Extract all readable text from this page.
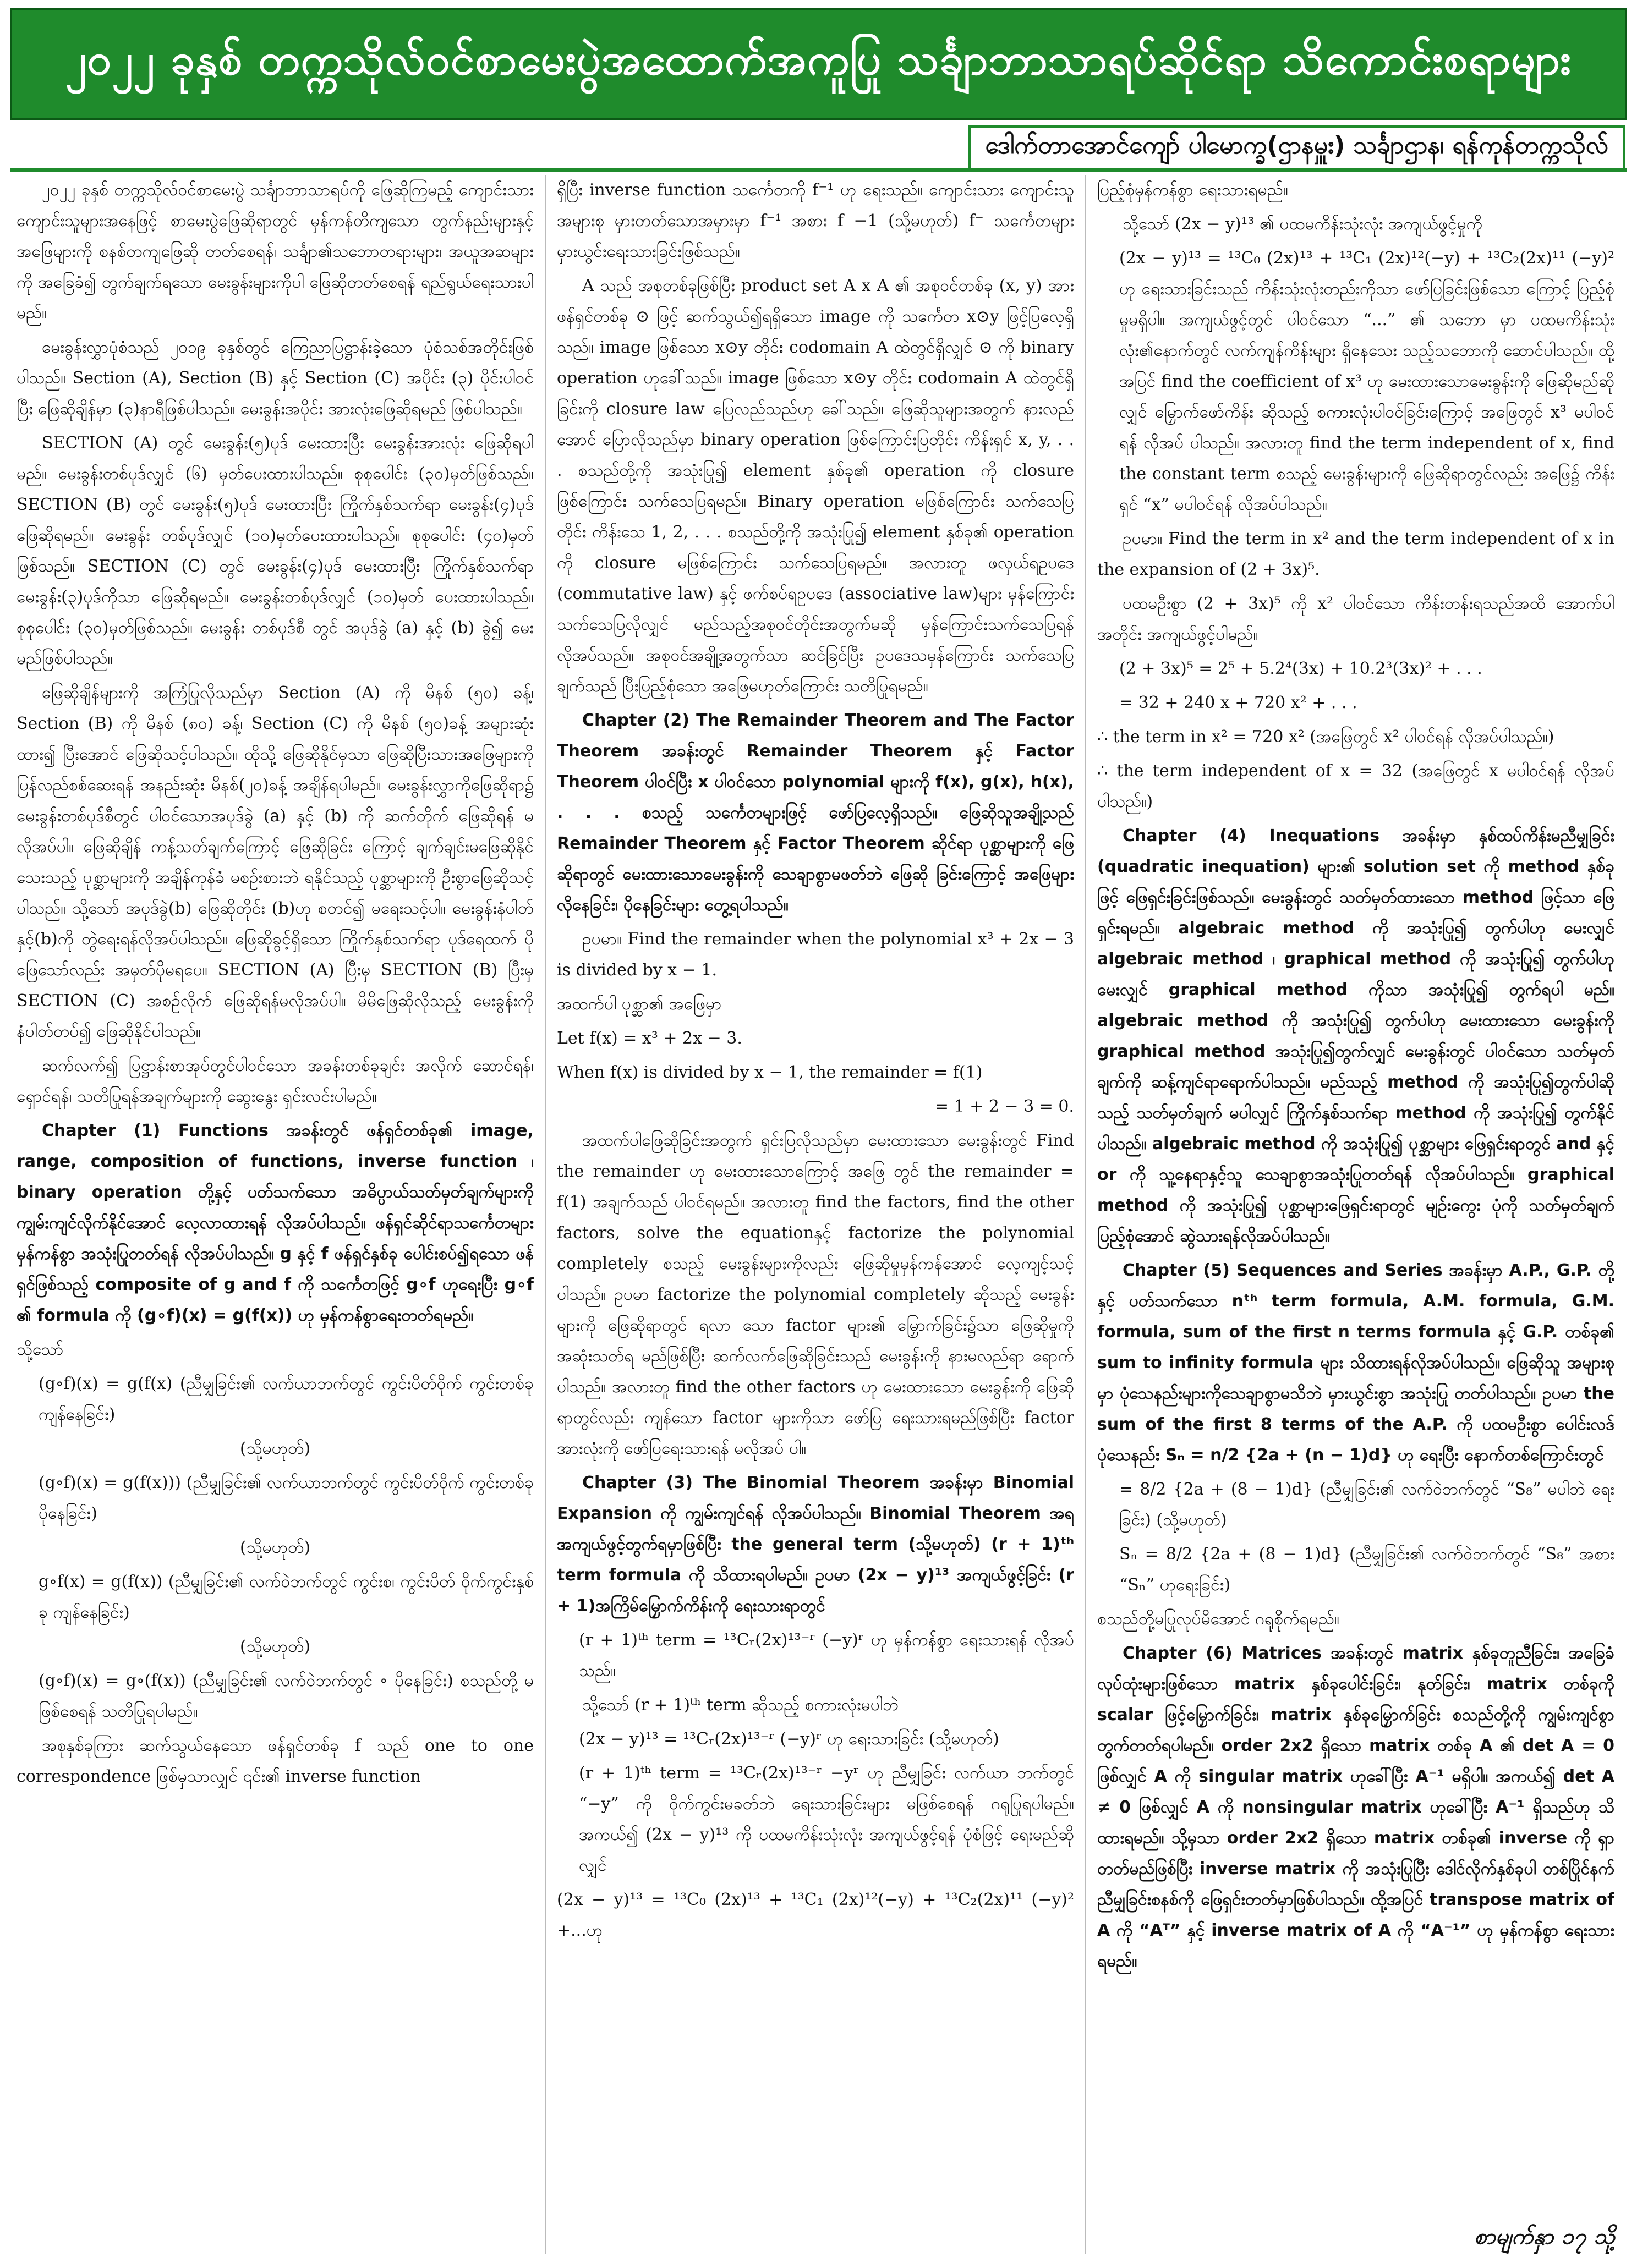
၂၀၂၂ ခုနှစ် တက္ကသိုလ်ဝင်စာမေးပွဲအထောက်အကူပြု သင်္ချာဘာသာရပ်ဆိုင်ရာ သိကောင်းစရာများ
ဒေါက်တာအောင်ကျော် ပါမောက္ခ(ဌာနမှူး) သင်္ချာဌာန၊ ရန်ကုန်တက္ကသိုလ်

၂၀၂၂ ခုနှစ် တက္ကသိုလ်ဝင်စာမေးပွဲ သင်္ချာဘာသာရပ်ကို ဖြေဆိုကြမည့် ကျောင်းသား ကျောင်းသူများအနေဖြင့် စာမေးပွဲဖြေဆိုရာတွင် မှန်ကန်တိကျသော တွက်နည်းများနှင့် အဖြေများကို စနစ်တကျဖြေဆို တတ်စေရန်၊ သင်္ချာ၏သဘောတရားများ၊ အယူအဆများကို အခြေခံ၍ တွက်ချက်ရသော မေးခွန်းများကိုပါ ဖြေဆိုတတ်စေရန် ရည်ရွယ်ရေးသားပါမည်။

မေးခွန်းလွှာပုံစံသည် ၂၀၁၉ ခုနှစ်တွင် ကြေညာပြဋ္ဌာန်းခဲ့သော ပုံစံသစ်အတိုင်းဖြစ်ပါသည်။ Section (A), Section (B) နှင့် Section (C) အပိုင်း (၃) ပိုင်းပါဝင်ပြီး ဖြေဆိုချိန်မှာ (၃)နာရီဖြစ်ပါသည်။ မေးခွန်းအပိုင်း အားလုံးဖြေဆိုရမည် ဖြစ်ပါသည်။

SECTION (A) တွင် မေးခွန်း(၅)ပုဒ် မေးထားပြီး မေးခွန်းအားလုံး ဖြေဆိုရပါမည်။ မေးခွန်းတစ်ပုဒ်လျှင် (၆) မှတ်ပေးထားပါသည်။ စုစုပေါင်း (၃၀)မှတ်ဖြစ်သည်။ SECTION (B) တွင် မေးခွန်း(၅)ပုဒ် မေးထားပြီး ကြိုက်နှစ်သက်ရာ မေးခွန်း(၄)ပုဒ်ဖြေဆိုရမည်။ မေးခွန်း တစ်ပုဒ်လျှင် (၁၀)မှတ်ပေးထားပါသည်။ စုစုပေါင်း (၄၀)မှတ်ဖြစ်သည်။ SECTION (C) တွင် မေးခွန်း(၄)ပုဒ် မေးထားပြီး ကြိုက်နှစ်သက်ရာ မေးခွန်း(၃)ပုဒ်ကိုသာ ဖြေဆိုရမည်။ မေးခွန်းတစ်ပုဒ်လျှင် (၁၀)မှတ် ပေးထားပါသည်။ စုစုပေါင်း (၃၀)မှတ်ဖြစ်သည်။ မေးခွန်း တစ်ပုဒ်စီ တွင် အပုဒ်ခွဲ (a) နှင့် (b) ခွဲ၍ မေးမည်ဖြစ်ပါသည်။

ဖြေဆိုချိန်များကို အကြံပြုလိုသည်မှာ Section (A) ကို မိနစ် (၅၀) ခန့်၊ Section (B) ကို မိနစ် (၈၀) ခန့်၊ Section (C) ကို မိနစ် (၅၀)ခန့် အများဆုံးထား၍ ပြီးအောင် ဖြေဆိုသင့်ပါသည်။ ထိုသို့ ဖြေဆိုနိုင်မှသာ ဖြေဆိုပြီးသားအဖြေများကို ပြန်လည်စစ်ဆေးရန် အနည်းဆုံး မိနစ်(၂၀)ခန့် အချိန်ရပါမည်။ မေးခွန်းလွှာကိုဖြေဆိုရာ၌ မေးခွန်းတစ်ပုဒ်စီတွင် ပါဝင်သောအပုဒ်ခွဲ (a) နှင့် (b) ကို ဆက်တိုက် ဖြေဆိုရန် မလိုအပ်ပါ။ ဖြေဆိုချိန် ကန့်သတ်ချက်ကြောင့် ဖြေဆိုခြင်း ကြောင့် ချက်ချင်းမဖြေဆိုနိုင်သေးသည့် ပုစ္ဆာများကို အချိန်ကုန်ခံ မစဉ်းစားဘဲ ရနိုင်သည့် ပုစ္ဆာများကို ဦးစွာဖြေဆိုသင့်ပါသည်။ သို့သော် အပုဒ်ခွဲ(b) ဖြေဆိုတိုင်း (b)ဟု စတင်၍ မရေးသင့်ပါ။ မေးခွန်းနံပါတ်နှင့်(b)ကို တွဲရေးရန်လိုအပ်ပါသည်။ ဖြေဆိုခွင့်ရှိသော ကြိုက်နှစ်သက်ရာ ပုဒ်ရေထက် ပိုဖြေသော်လည်း အမှတ်ပိုမရပေ။ SECTION (A) ပြီးမှ SECTION (B) ပြီးမှ SECTION (C) အစဉ်လိုက် ဖြေဆိုရန်မလိုအပ်ပါ။ မိမိဖြေဆိုလိုသည့် မေးခွန်းကို နံပါတ်တပ်၍ ဖြေဆိုနိုင်ပါသည်။

ဆက်လက်၍ ပြဋ္ဌာန်းစာအုပ်တွင်ပါဝင်သော အခန်းတစ်ခုချင်း အလိုက် ဆောင်ရန်၊ ရှောင်ရန်၊ သတိပြုရန်အချက်များကို ဆွေးနွေး ရှင်းလင်းပါမည်။

Chapter (1) Functions အခန်းတွင် ဖန်ရှင်တစ်ခု၏ image, range, composition of functions, inverse function ၊ binary operation တို့နှင့် ပတ်သက်သော အဓိပ္ပာယ်သတ်မှတ်ချက်များကို ကျွမ်းကျင်လိုက်နိုင်အောင် လေ့လာထားရန် လိုအပ်ပါသည်။ ဖန်ရှင်ဆိုင်ရာသင်္ကေတများ မှန်ကန်စွာ အသုံးပြုတတ်ရန် လိုအပ်ပါသည်။ g နှင့် f ဖန်ရှင်နှစ်ခု ပေါင်းစပ်၍ရသော ဖန်ရှင်ဖြစ်သည့် composite of g and f ကို သင်္ကေတဖြင့် g∘f ဟုရေးပြီး g∘f ၏ formula ကို (g∘f)(x) = g(f(x)) ဟု မှန်ကန်စွာရေးတတ်ရမည်။

သို့သော်

(g∘f)(x) = g(f(x) (ညီမျှခြင်း၏ လက်ယာဘက်တွင် ကွင်းပိတ်ဝိုက် ကွင်းတစ်ခု ကျန်နေခြင်း)

(သို့မဟုတ်)

(g∘f)(x) = g(f(x))) (ညီမျှခြင်း၏ လက်ယာဘက်တွင် ကွင်းပိတ်ဝိုက် ကွင်းတစ်ခု ပိုနေခြင်း)

(သို့မဟုတ်)

g∘f(x) = g(f(x)) (ညီမျှခြင်း၏ လက်ဝဲဘက်တွင် ကွင်းစ၊ ကွင်းပိတ် ဝိုက်ကွင်းနှစ်ခု ကျန်နေခြင်း)

(သို့မဟုတ်)

(g∘f)(x) = g∘(f(x)) (ညီမျှခြင်း၏ လက်ဝဲဘက်တွင် ∘ ပိုနေခြင်း) စသည်တို့ မဖြစ်စေရန် သတိပြုရပါမည်။

အစုနှစ်ခုကြား ဆက်သွယ်နေသော ဖန်ရှင်တစ်ခု f သည် one to one correspondence ဖြစ်မှသာလျှင် ၎င်း၏ inverse function

ရှိပြီး inverse function သင်္ကေတကို f⁻¹ ဟု ရေးသည်။ ကျောင်းသား ကျောင်းသူအများစု မှားတတ်သောအမှားမှာ f⁻¹ အစား f −1 (သို့မဟုတ်) f⁻ သင်္ကေတများ မှားယွင်းရေးသားခြင်းဖြစ်သည်။

A သည် အစုတစ်ခုဖြစ်ပြီး product set A x A ၏ အစုဝင်တစ်ခု (x, y) အား ဖန်ရှင်တစ်ခု ⊙ ဖြင့် ဆက်သွယ်၍ရရှိသော image ကို သင်္ကေတ x⊙y ဖြင့်ပြလေ့ရှိသည်။ image ဖြစ်သော x⊙y တိုင်း codomain A ထဲတွင်ရှိလျှင် ⊙ ကို binary operation ဟုခေါ်သည်။ image ဖြစ်သော x⊙y တိုင်း codomain A ထဲတွင်ရှိခြင်းကို closure law ပြေလည်သည်ဟု ခေါ်သည်။ ဖြေဆိုသူများအတွက် နားလည် အောင် ပြောလိုသည်မှာ binary operation ဖြစ်ကြောင်းပြတိုင်း ကိန်းရှင် x, y, . . . စသည်တို့ကို အသုံးပြု၍ element နှစ်ခု၏ operation ကို closure ဖြစ်ကြောင်း သက်သေပြရမည်။ Binary operation မဖြစ်ကြောင်း သက်သေပြတိုင်း ကိန်းသေ 1, 2, . . . စသည်တို့ကို အသုံးပြု၍ element နှစ်ခု၏ operation ကို closure မဖြစ်ကြောင်း သက်သေပြရမည်။ အလားတူ ဖလှယ်ရဥပဒေ (commutative law) နှင့် ဖက်စပ်ရဥပဒေ (associative law)များ မှန်ကြောင်း သက်သေပြလိုလျှင် မည်သည့်အစုဝင်တိုင်းအတွက်မဆို မှန်ကြောင်းသက်သေပြရန် လိုအပ်သည်။ အစုဝင်အချို့အတွက်သာ ဆင်ခြင်ပြီး ဥပဒေသမှန်ကြောင်း သက်သေပြချက်သည် ပြီးပြည့်စုံသော အဖြေမဟုတ်ကြောင်း သတိပြုရမည်။

Chapter (2) The Remainder Theorem and The Factor Theorem အခန်းတွင် Remainder Theorem နှင့် Factor Theorem ပါဝင်ပြီး x ပါဝင်သော polynomial များကို f(x), g(x), h(x), . . . စသည့် သင်္ကေတများဖြင့် ဖော်ပြလေ့ရှိသည်။ ဖြေဆိုသူအချို့သည် Remainder Theorem နှင့် Factor Theorem ဆိုင်ရာ ပုစ္ဆာများကို ဖြေဆိုရာတွင် မေးထားသောမေးခွန်းကို သေချာစွာမဖတ်ဘဲ ဖြေဆို ခြင်းကြောင့် အဖြေများ လိုနေခြင်း၊ ပိုနေခြင်းများ တွေ့ရပါသည်။

ဥပမာ။ Find the remainder when the polynomial x³ + 2x − 3 is divided by x − 1.

အထက်ပါ ပုစ္ဆာ၏ အဖြေမှာ

Let f(x) = x³ + 2x − 3.

When f(x) is divided by x − 1, the remainder = f(1)

= 1 + 2 − 3 = 0.

အထက်ပါဖြေဆိုခြင်းအတွက် ရှင်းပြလိုသည်မှာ မေးထားသော မေးခွန်းတွင် Find the remainder ဟု မေးထားသောကြောင့် အဖြေ တွင် the remainder = f(1) အချက်သည် ပါဝင်ရမည်။ အလားတူ find the factors, find the other factors, solve the equationနှင့် factorize the polynomial completely စသည့် မေးခွန်းများကိုလည်း ဖြေဆိုမှုမှန်ကန်အောင် လေ့ကျင့်သင့်ပါသည်။ ဥပမာ factorize the polynomial completely ဆိုသည့် မေးခွန်းများကို ဖြေဆိုရာတွင် ရလာ သော factor များ၏ မြှောက်ခြင်း၌သာ ဖြေဆိုမှုကို အဆုံးသတ်ရ မည်ဖြစ်ပြီး ဆက်လက်ဖြေဆိုခြင်းသည် မေးခွန်းကို နားမလည်ရာ ရောက်ပါသည်။ အလားတူ find the other factors ဟု မေးထားသော မေးခွန်းကို ဖြေဆိုရာတွင်လည်း ကျန်သော factor များကိုသာ ဖော်ပြ ရေးသားရမည်ဖြစ်ပြီး factor အားလုံးကို ဖော်ပြရေးသားရန် မလိုအပ် ပါ။

Chapter (3) The Binomial Theorem အခန်းမှာ Binomial Expansion ကို ကျွမ်းကျင်ရန် လိုအပ်ပါသည်။ Binomial Theorem အရ အကျယ်ဖွင့်တွက်ရမှာဖြစ်ပြီး the general term (သို့မဟုတ်) (r + 1)ᵗʰ term formula ကို သိထားရပါမည်။ ဥပမာ (2x − y)¹³ အကျယ်ဖွင့်ခြင်း (r + 1)အကြိမ်မြှောက်ကိန်းကို ရေးသားရာတွင်

(r + 1)ᵗʰ term = ¹³Cᵣ(2x)¹³⁻ʳ (−y)ʳ ဟု မှန်ကန်စွာ ရေးသားရန် လိုအပ်သည်။

သို့သော် (r + 1)ᵗʰ term ဆိုသည့် စကားလုံးမပါဘဲ

(2x − y)¹³ = ¹³Cᵣ(2x)¹³⁻ʳ (−y)ʳ ဟု ရေးသားခြင်း (သို့မဟုတ်)

(r + 1)ᵗʰ term = ¹³Cᵣ(2x)¹³⁻ʳ −yʳ ဟု ညီမျှခြင်း လက်ယာ ဘက်တွင် “−y” ကို ဝိုက်ကွင်းမခတ်ဘဲ ရေးသားခြင်းများ မဖြစ်စေရန် ဂရုပြုရပါမည်။ အကယ်၍ (2x − y)¹³ ကို ပထမကိန်းသုံးလုံး အကျယ်ဖွင့်ရန် ပုံစံဖြင့် ရေးမည်ဆိုလျှင်

(2x − y)¹³ = ¹³C₀ (2x)¹³ + ¹³C₁ (2x)¹²(−y) + ¹³C₂(2x)¹¹ (−y)² +...ဟု

ပြည့်စုံမှန်ကန်စွာ ရေးသားရမည်။

သို့သော် (2x − y)¹³ ၏ ပထမကိန်းသုံးလုံး အကျယ်ဖွင့်မှုကို

(2x − y)¹³ = ¹³C₀ (2x)¹³ + ¹³C₁ (2x)¹²(−y) + ¹³C₂(2x)¹¹ (−y)² ဟု ရေးသားခြင်းသည် ကိန်းသုံးလုံးတည်းကိုသာ ဖော်ပြခြင်းဖြစ်သော ကြောင့် ပြည့်စုံမှုမရှိပါ။ အကျယ်ဖွင့်တွင် ပါဝင်သော “...” ၏ သဘော မှာ ပထမကိန်းသုံးလုံး၏နောက်တွင် လက်ကျန်ကိန်းများ ရှိနေသေး သည့်သဘောကို ဆောင်ပါသည်။ ထို့အပြင် find the coefficient of x³ ဟု မေးထားသောမေးခွန်းကို ဖြေဆိုမည်ဆိုလျှင် မြှောက်ဖော်ကိန်း ဆိုသည့် စကားလုံးပါဝင်ခြင်းကြောင့် အဖြေတွင် x³ မပါဝင်ရန် လိုအပ် ပါသည်။ အလားတူ find the term independent of x, find the constant term စသည့် မေးခွန်းများကို ဖြေဆိုရာတွင်လည်း အဖြေ၌ ကိန်းရှင် “x” မပါဝင်ရန် လိုအပ်ပါသည်။

ဥပမာ။ Find the term in x² and the term independent of x in the expansion of (2 + 3x)⁵.

ပထမဦးစွာ (2 + 3x)⁵ ကို x² ပါဝင်သော ကိန်းတန်းရသည်အထိ အောက်ပါအတိုင်း အကျယ်ဖွင့်ပါမည်။

(2 + 3x)⁵ = 2⁵ + 5.2⁴(3x) + 10.2³(3x)² + . . .

= 32 + 240 x + 720 x² + . . .

∴ the term in x² = 720 x² (အဖြေတွင် x² ပါဝင်ရန် လိုအပ်ပါသည်။)

∴ the term independent of x = 32 (အဖြေတွင် x မပါဝင်ရန် လိုအပ်ပါသည်။)

Chapter (4) Inequations အခန်းမှာ နှစ်ထပ်ကိန်းမညီမျှခြင်း (quadratic inequation) များ၏ solution set ကို method နှစ်ခုဖြင့် ဖြေရှင်းခြင်းဖြစ်သည်။ မေးခွန်းတွင် သတ်မှတ်ထားသော method ဖြင့်သာ ဖြေရှင်းရမည်။ algebraic method ကို အသုံးပြု၍ တွက်ပါဟု မေးလျှင် algebraic method ၊ graphical method ကို အသုံးပြု၍ တွက်ပါဟု မေးလျှင် graphical method ကိုသာ အသုံးပြု၍ တွက်ရပါ မည်။ algebraic method ကို အသုံးပြု၍ တွက်ပါဟု မေးထားသော မေးခွန်းကို graphical method အသုံးပြု၍တွက်လျှင် မေးခွန်းတွင် ပါဝင်သော သတ်မှတ်ချက်ကို ဆန့်ကျင်ရာရောက်ပါသည်။ မည်သည့် method ကို အသုံးပြု၍တွက်ပါဆိုသည့် သတ်မှတ်ချက် မပါလျှင် ကြိုက်နှစ်သက်ရာ method ကို အသုံးပြု၍ တွက်နိုင်ပါသည်။ algebraic method ကို အသုံးပြု၍ ပုစ္ဆာများ ဖြေရှင်းရာတွင် and နှင့် or ကို သူ့နေရာနှင့်သူ သေချာစွာအသုံးပြုတတ်ရန် လိုအပ်ပါသည်။ graphical method ကို အသုံးပြု၍ ပုစ္ဆာများဖြေရှင်းရာတွင် မျဉ်းကွေး ပုံကို သတ်မှတ်ချက် ပြည့်စုံအောင် ဆွဲသားရန်လိုအပ်ပါသည်။

Chapter (5) Sequences and Series အခန်းမှာ A.P., G.P. တို့နှင့် ပတ်သက်သော nᵗʰ term formula, A.M. formula, G.M. formula, sum of the first n terms formula နှင့် G.P. တစ်ခု၏ sum to infinity formula များ သိထားရန်လိုအပ်ပါသည်။ ဖြေဆိုသူ အများစုမှာ ပုံသေနည်းများကိုသေချာစွာမသိဘဲ မှားယွင်းစွာ အသုံးပြု တတ်ပါသည်။ ဥပမာ the sum of the first 8 terms of the A.P. ကို ပထမဦးစွာ ပေါင်းလဒ်ပုံသေနည်း Sₙ = n/2 {2a + (n − 1)d} ဟု ရေးပြီး နောက်တစ်ကြောင်းတွင်

= 8/2 {2a + (8 − 1)d} (ညီမျှခြင်း၏ လက်ဝဲဘက်တွင် “S₈” မပါဘဲ ရေးခြင်း) (သို့မဟုတ်)

Sₙ = 8/2 {2a + (8 − 1)d} (ညီမျှခြင်း၏ လက်ဝဲဘက်တွင် “S₈” အစား “Sₙ” ဟုရေးခြင်း)

စသည်တို့မပြုလုပ်မိအောင် ဂရုစိုက်ရမည်။

Chapter (6) Matrices အခန်းတွင် matrix နှစ်ခုတူညီခြင်း၊ အခြေခံလုပ်ထုံးများဖြစ်သော matrix နှစ်ခုပေါင်းခြင်း၊ နုတ်ခြင်း၊ matrix တစ်ခုကို scalar ဖြင့်မြှောက်ခြင်း၊ matrix နှစ်ခုမြှောက်ခြင်း စသည်တို့ကို ကျွမ်းကျင်စွာတွက်တတ်ရပါမည်။ order 2x2 ရှိသော matrix တစ်ခု A ၏ det A = 0 ဖြစ်လျှင် A ကို singular matrix ဟုခေါ်ပြီး A⁻¹ မရှိပါ။ အကယ်၍ det A ≠ 0 ဖြစ်လျှင် A ကို nonsingular matrix ဟုခေါ်ပြီး A⁻¹ ရှိသည်ဟု သိထားရမည်။ သို့မှသာ order 2x2 ရှိသော matrix တစ်ခု၏ inverse ကို ရှာတတ်မည်ဖြစ်ပြီး inverse matrix ကို အသုံးပြုပြီး ဒေါင်လိုက်နှစ်ခုပါ တစ်ပြိုင်နက်ညီမျှခြင်းစနစ်ကို ဖြေရှင်းတတ်မှာဖြစ်ပါသည်။ ထို့အပြင် transpose matrix of A ကို “Aᵀ” နှင့် inverse matrix of A ကို “A⁻¹” ဟု မှန်ကန်စွာ ရေးသား ရမည်။

စာမျက်နှာ ၁၇ သို့
